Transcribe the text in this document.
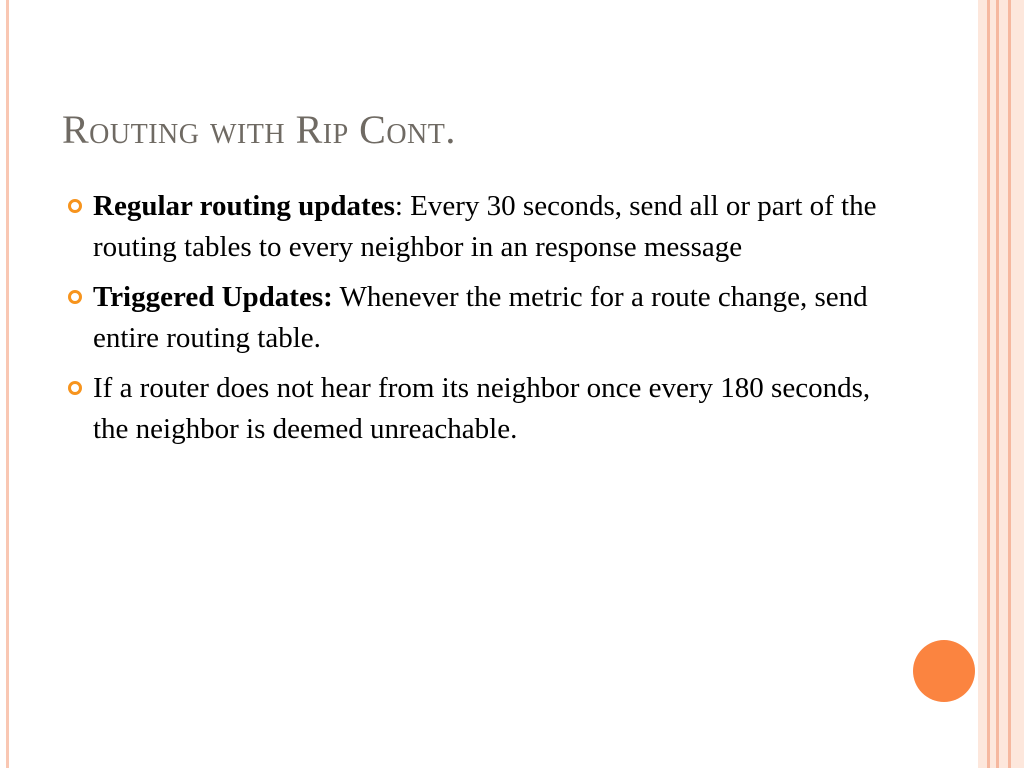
Routing with Rip Cont.
Regular routing updates: Every 30 seconds, send all or part of the routing tables to every neighbor in an response message
Triggered Updates: Whenever the metric for a route change, send entire routing table.
If a router does not hear from its neighbor once every 180 seconds, the neighbor is deemed unreachable.
